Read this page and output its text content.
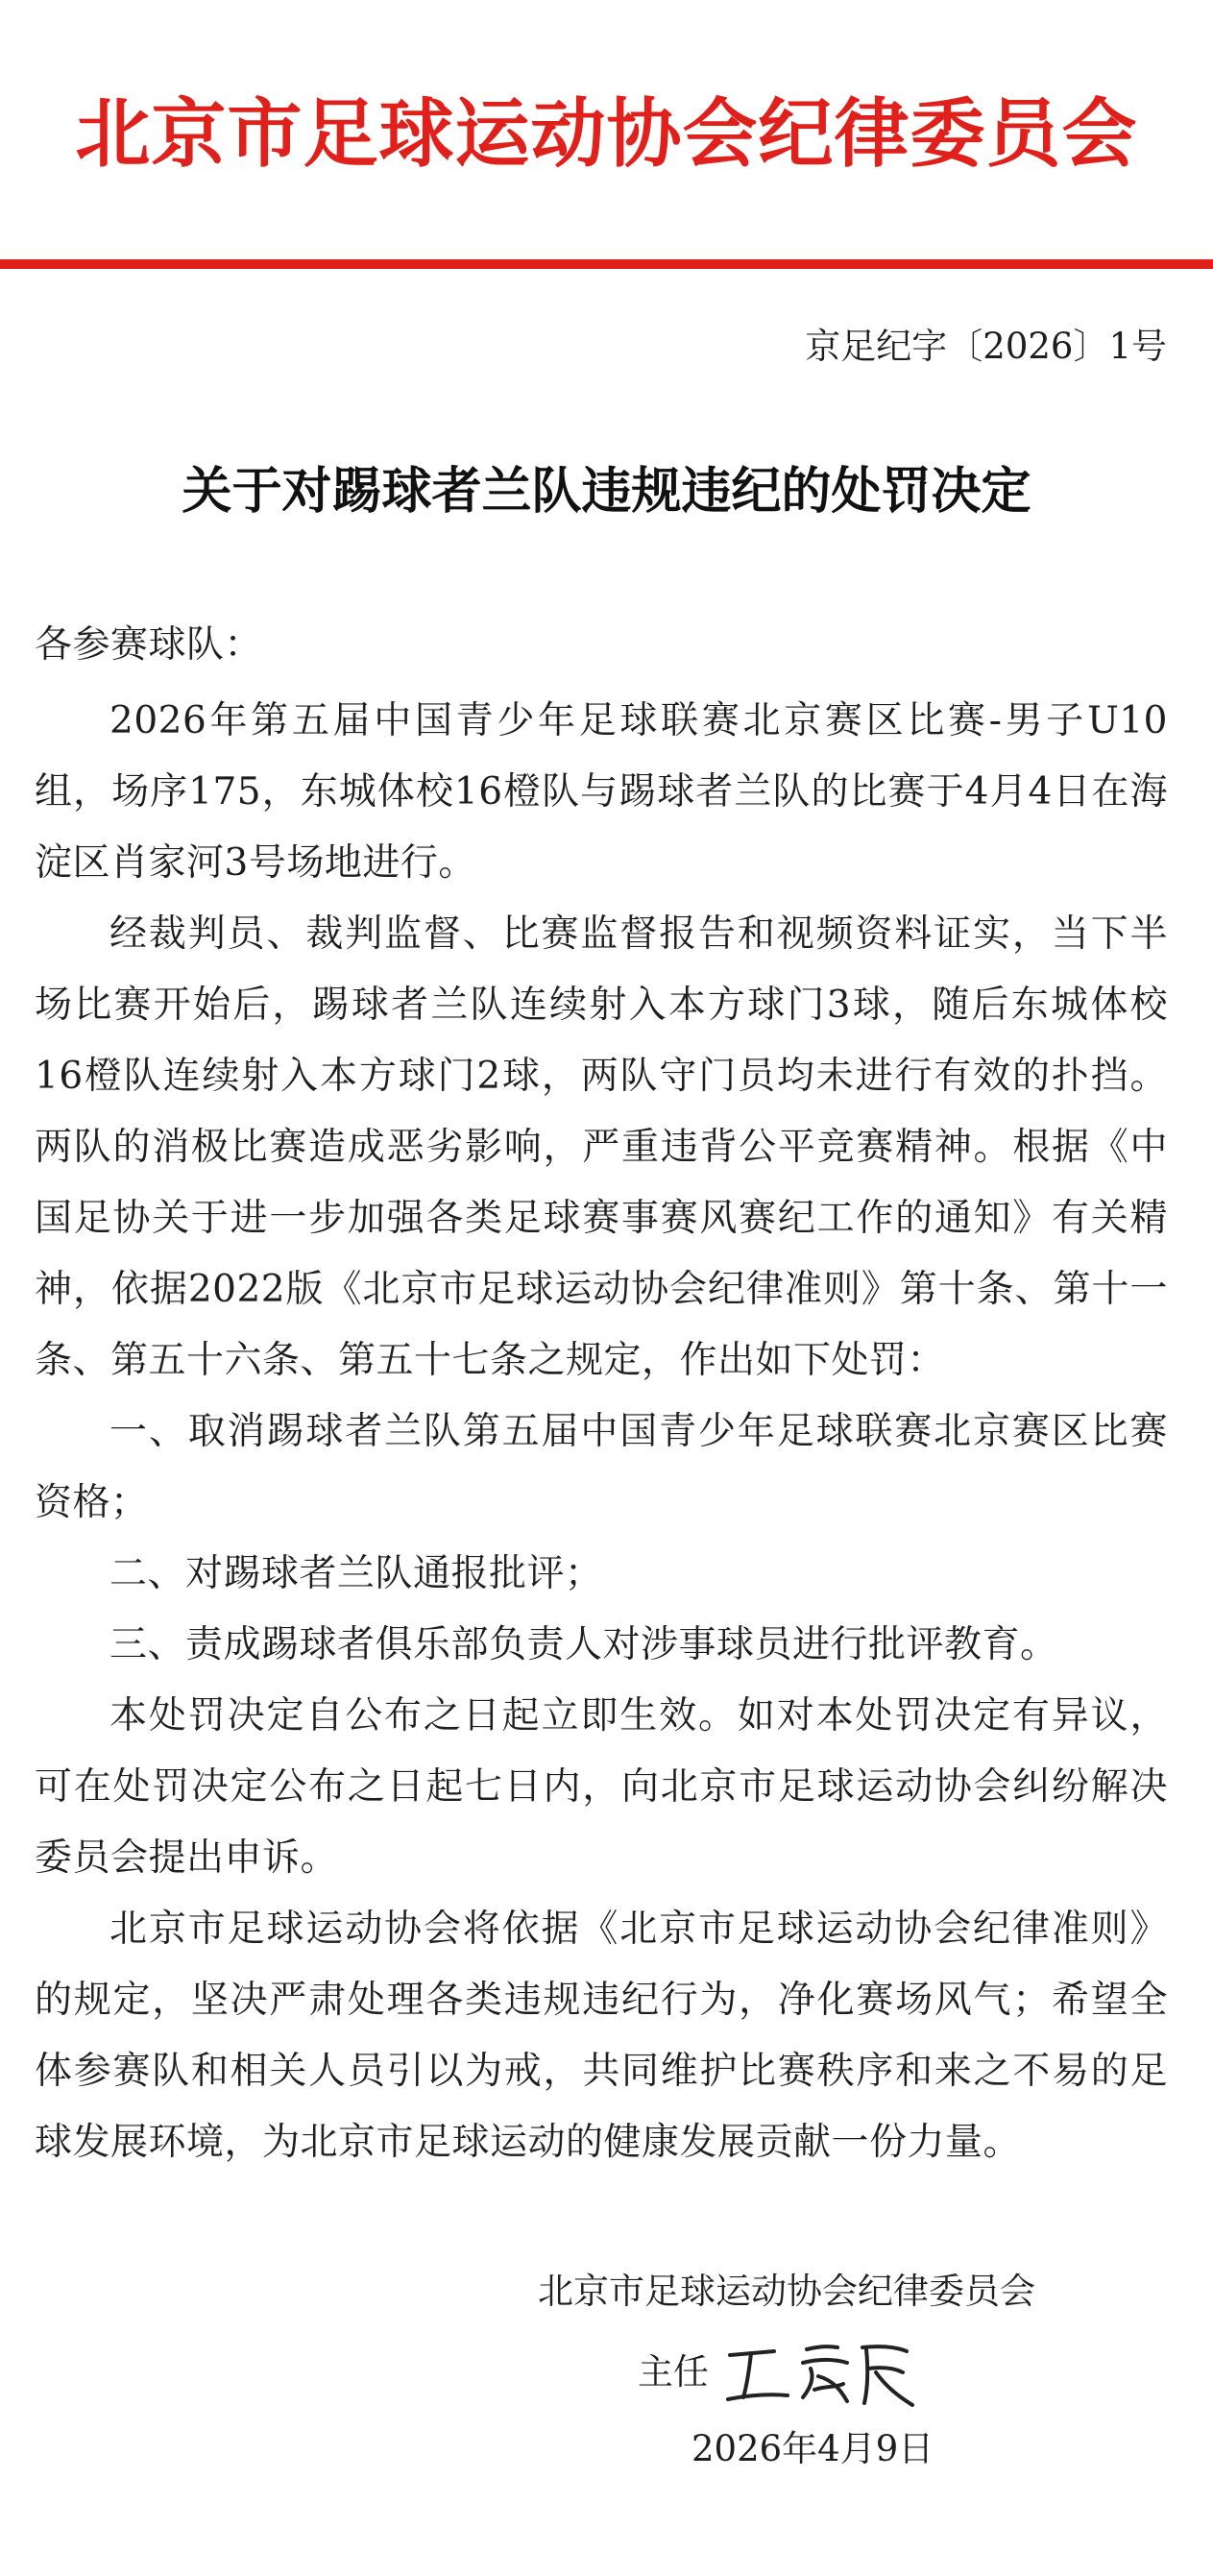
北京市足球运动协会纪律委员会
京足纪字〔2026〕1号
关于对踢球者兰队违规违纪的处罚决定
各参赛球队：

2026年第五届中国青少年足球联赛北京赛区比赛-男子U10组，场序175，东城体校16橙队与踢球者兰队的比赛于4月4日在海淀区肖家河3号场地进行。

经裁判员、裁判监督、比赛监督报告和视频资料证实，当下半场比赛开始后，踢球者兰队连续射入本方球门3球，随后东城体校16橙队连续射入本方球门2球，两队守门员均未进行有效的扑挡。两队的消极比赛造成恶劣影响，严重违背公平竞赛精神。根据《中国足协关于进一步加强各类足球赛事赛风赛纪工作的通知》有关精神，依据2022版《北京市足球运动协会纪律准则》第十条、第十一条、第五十六条、第五十七条之规定，作出如下处罚：

一、取消踢球者兰队第五届中国青少年足球联赛北京赛区比赛资格；

二、对踢球者兰队通报批评；

三、责成踢球者俱乐部负责人对涉事球员进行批评教育。

本处罚决定自公布之日起立即生效。如对本处罚决定有异议，可在处罚决定公布之日起七日内，向北京市足球运动协会纠纷解决委员会提出申诉。

北京市足球运动协会将依据《北京市足球运动协会纪律准则》的规定，坚决严肃处理各类违规违纪行为，净化赛场风气；希望全体参赛队和相关人员引以为戒，共同维护比赛秩序和来之不易的足球发展环境，为北京市足球运动的健康发展贡献一份力量。

北京市足球运动协会纪律委员会
主任
2026年4月9日
